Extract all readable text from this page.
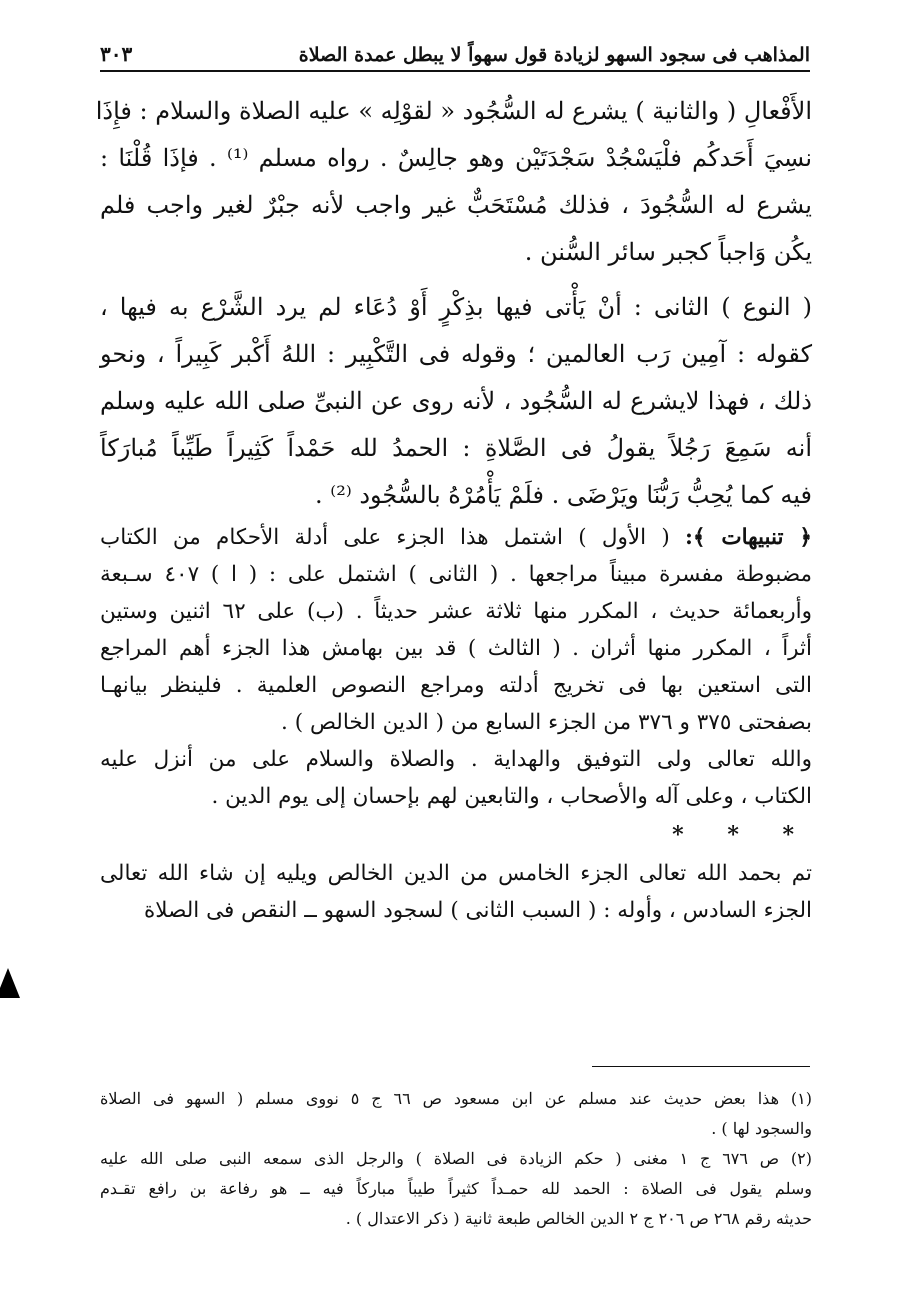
المذاهب فى سجود السهو لزيادة قول سهواً لا يبطل عمدة الصلاة
٣٠٣
الأَفْعالِ ( والثانية ) يشرع له السُّجُود « لقوْلِه » عليه الصلاة والسلام : فإِذَا
نسِيَ أَحَدكُم فلْيَسْجُدْ سَجْدَتَيْن وهو جالِسٌ . رواه مسلم ⁽¹⁾ . فإذَا قُلْنَا :
يشرع له السُّجُودَ ، فذلك مُسْتَحَبٌّ غير واجب لأنه جبْرٌ لغير واجب فلم
يكُن وَاجباً كجبر سائر السُّنن .
( النوع ) الثانى : أنْ يَأْتى فيها بذِكْرٍ أَوْ دُعَاء لم يرد الشَّرْع به فيها ،
كقوله : آمِين رَب العالمين ؛ وقوله فى التَّكْبِير : اللهُ أَكْبر كَبِيراً ، ونحو
ذلك ، فهذا لايشرع له السُّجُود ، لأنه روى عن النبىِّ صلى الله عليه وسلم
أنه سَمِعَ رَجُلاً يقولُ فى الصَّلاةِ : الحمدُ لله حَمْداً كَثِيراً طَيِّباً مُبارَكاً
فيه كما يُحِبُّ رَبُّنَا ويَرْضَى . فلَمْ يَأْمُرْهُ بالسُّجُود ⁽²⁾ .
﴿ تنبيهات ﴾: ( الأول ) اشتمل هذا الجزء على أدلة الأحكام من الكتاب
مضبوطة مفسرة مبيناً مراجعها . ( الثانى ) اشتمل على : ( ا ) ٤٠٧ سـبعة
وأربعمائة حديث ، المكرر منها ثلاثة عشر حديثاً . (ب) على ٦٢ اثنين وستين
أثراً ، المكرر منها أثران . ( الثالث ) قد بين بهامش هذا الجزء أهم المراجع
التى استعين بها فى تخريج أدلته ومراجع النصوص العلمية . فلينظر بيانهـا
بصفحتى ٣٧٥ و ٣٧٦ من الجزء السابع من ( الدين الخالص ) .
والله تعالى ولى التوفيق والهداية . والصلاة والسلام على من أنزل عليه
الكتاب ، وعلى آله والأصحاب ، والتابعين لهم بإحسان إلى يوم الدين .
* * *
تم بحمد الله تعالى الجزء الخامس من الدين الخالص ويليه إن شاء الله تعالى
الجزء السادس ، وأوله : ( السبب الثانى ) لسجود السهو ــ النقص فى الصلاة
(١) هذا بعض حديث عند مسلم عن ابن مسعود ص ٦٦ ج ٥ نووى مسلم ( السهو فى الصلاة
والسجود لها ) .
(٢) ص ٦٧٦ ج ١ مغنى ( حكم الزيادة فى الصلاة ) والرجل الذى سمعه النبى صلى الله عليه
وسلم يقول فى الصلاة : الحمد لله حمـداً كثيراً طيباً مباركاً فيه ــ هو رفاعة بن رافع تقـدم
حديثه رقم ٢٦٨ ص ٢٠٦ ج ٢ الدين الخالص طبعة ثانية ( ذكر الاعتدال ) .
